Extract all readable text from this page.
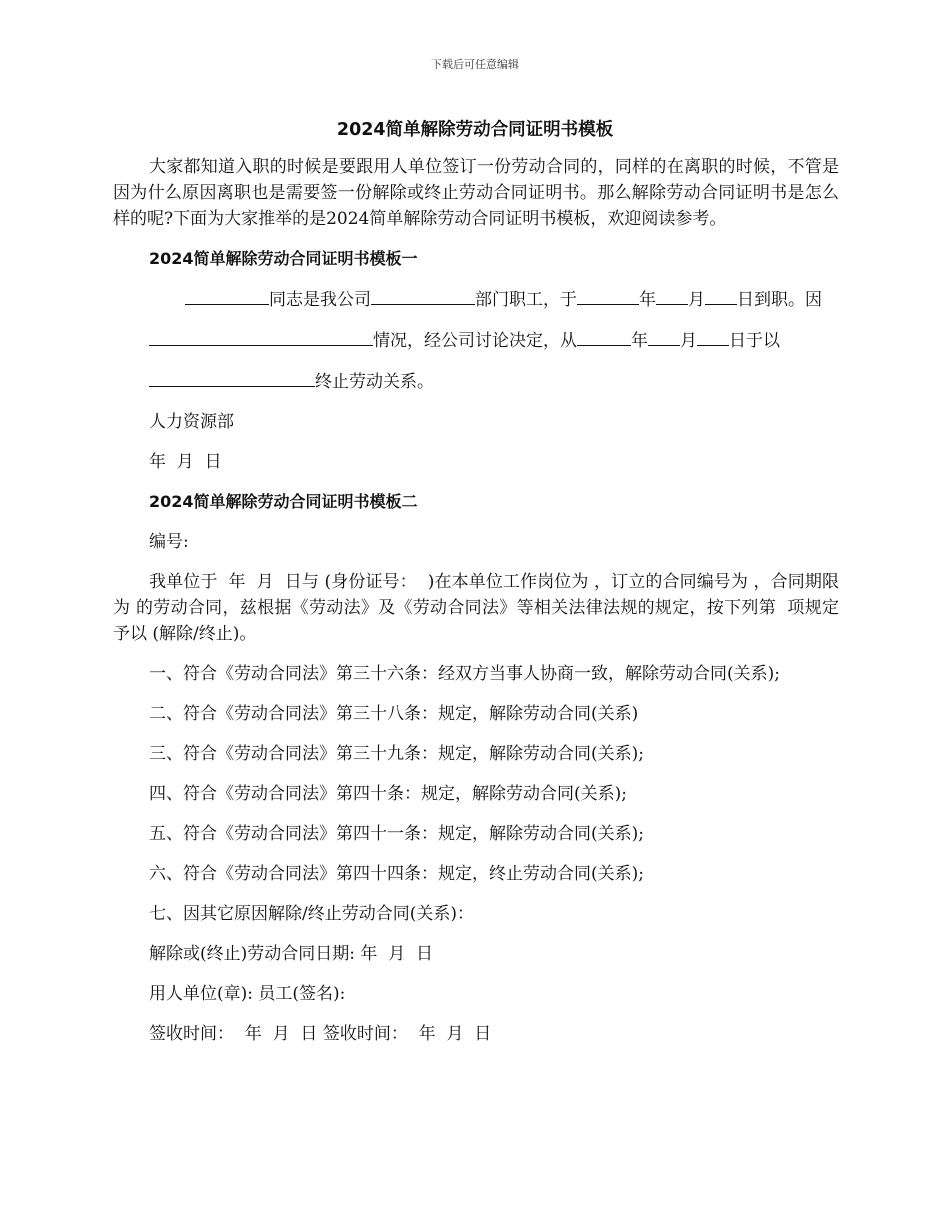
下载后可任意编辑
2024简单解除劳动合同证明书模板

大家都知道入职的时候是要跟用人单位签订一份劳动合同的，同样的在离职的时候，不管是因为什么原因离职也是需要签一份解除或终止劳动合同证明书。那么解除劳动合同证明书是怎么样的呢?下面为大家推举的是2024简单解除劳动合同证明书模板，欢迎阅读参考。

2024简单解除劳动合同证明书模板一

同志是我公司	部门职工，于	年 月 日到职。因

情况，经公司讨论决定，从	年 月 日于以

终止劳动关系。

人力资源部

年  月  日

2024简单解除劳动合同证明书模板二

编号:

我单位于  年  月  日与 (身份证号：  )在本单位工作岗位为 ，订立的合同编号为 ，合同期限为 的劳动合同，兹根据《劳动法》及《劳动合同法》等相关法律法规的规定，按下列第  项规定予以 (解除/终止)。

一、符合《劳动合同法》第三十六条：经双方当事人协商一致，解除劳动合同(关系);

二、符合《劳动合同法》第三十八条：规定，解除劳动合同(关系)

三、符合《劳动合同法》第三十九条：规定，解除劳动合同(关系);

四、符合《劳动合同法》第四十条：规定，解除劳动合同(关系);

五、符合《劳动合同法》第四十一条：规定，解除劳动合同(关系);

六、符合《劳动合同法》第四十四条：规定，终止劳动合同(关系);

七、因其它原因解除/终止劳动合同(关系)：

解除或(终止)劳动合同日期: 年  月  日

用人单位(章): 员工(签名):

签收时间：  年  月  日 签收时间：  年  月  日
